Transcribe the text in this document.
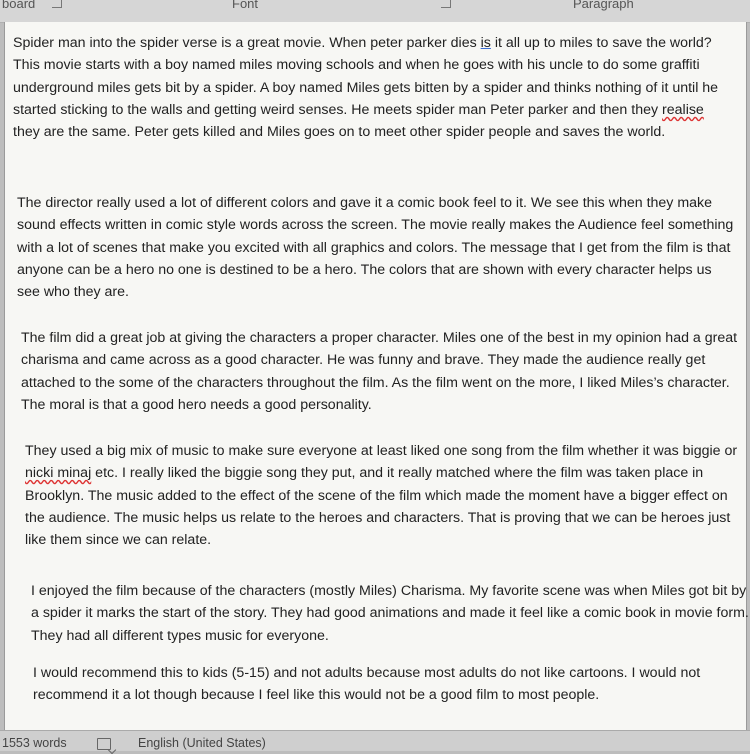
board	Font	Paragraph

Spider man into the spider verse is a great movie. When peter parker dies is it all up to miles to save the world? This movie starts with a boy named miles moving schools and when he goes with his uncle to do some graffiti underground miles gets bit by a spider. A boy named Miles gets bitten by a spider and thinks nothing of it until he started sticking to the walls and getting weird senses. He meets spider man Peter parker and then they realise they are the same. Peter gets killed and Miles goes on to meet other spider people and saves the world.

The director really used a lot of different colors and gave it a comic book feel to it. We see this when they make sound effects written in comic style words across the screen. The movie really makes the Audience feel something with a lot of scenes that make you excited with all graphics and colors. The message that I get from the film is that anyone can be a hero no one is destined to be a hero. The colors that are shown with every character helps us see who they are.

The film did a great job at giving the characters a proper character. Miles one of the best in my opinion had a great charisma and came across as a good character. He was funny and brave. They made the audience really get attached to the some of the characters throughout the film. As the film went on the more, I liked Miles’s character. The moral is that a good hero needs a good personality.

They used a big mix of music to make sure everyone at least liked one song from the film whether it was biggie or nicki minaj etc. I really liked the biggie song they put, and it really matched where the film was taken place in Brooklyn. The music added to the effect of the scene of the film which made the moment have a bigger effect on the audience. The music helps us relate to the heroes and characters. That is proving that we can be heroes just like them since we can relate.

I enjoyed the film because of the characters (mostly Miles) Charisma. My favorite scene was when Miles got bit by a spider it marks the start of the story. They had good animations and made it feel like a comic book in movie form. They had all different types music for everyone.

I would recommend this to kids (5-15) and not adults because most adults do not like cartoons. I would not recommend it a lot though because I feel like this would not be a good film to most people.

1553 words	English (United States)
